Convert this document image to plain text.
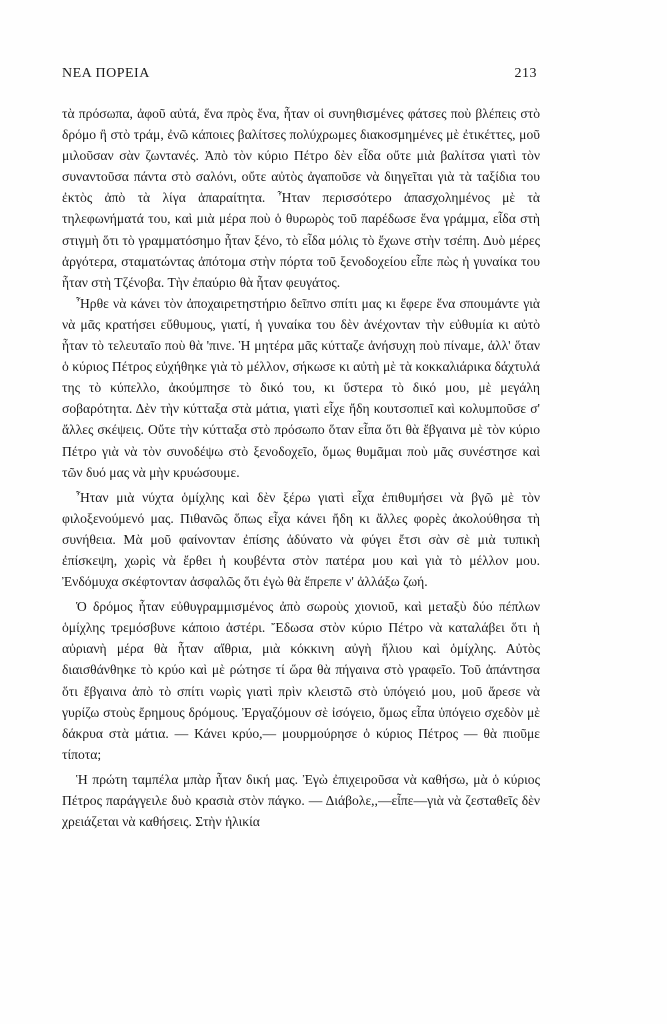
ΝΕΑ ΠΟΡΕΙΑ	213

τὰ πρόσωπα, ἀφοῦ αὐτά, ἕνα πρὸς ἕνα, ἦταν οἱ συνηθισμένες φάτσες ποὺ βλέπεις στὸ δρόμο ἢ στὸ τράμ, ἐνῶ κάποιες βαλίτσες πολύχρωμες διακοσμημένες μὲ ἐτικέττες, μοῦ μιλοῦσαν σὰν ζωντανές. Ἀπὸ τὸν κύριο Πέτρο δὲν εἶδα οὔτε μιὰ βαλίτσα γιατὶ τὸν συναντοῦσα πάντα στὸ σαλόνι, οὔτε αὐτὸς ἀγαποῦσε νὰ διηγεῖται γιὰ τὰ ταξίδια του ἐκτὸς ἀπὸ τὰ λίγα ἀπαραίτητα. Ἦταν περισσότερο ἀπασχολημένος μὲ τὰ τηλεφωνήματά του, καὶ μιὰ μέρα ποὺ ὁ θυρωρὸς τοῦ παρέδωσε ἕνα γράμμα, εἶδα στὴ στιγμὴ ὅτι τὸ γραμματόσημο ἦταν ξένο, τὸ εἶδα μόλις τὸ ἔχωνε στὴν τσέπη. Δυὸ μέρες ἀργότερα, σταματώντας ἀπότομα στὴν πόρτα τοῦ ξενοδοχείου εἶπε πὼς ἡ γυναίκα του ἦταν στὴ Τζένοβα. Τὴν ἐπαύριο θὰ ἦταν φευγάτος.

Ἦρθε νὰ κάνει τὸν ἀποχαιρετηστήριο δεῖπνο σπίτι μας κι ἔφερε ἕνα σπουμάντε γιὰ νὰ μᾶς κρατήσει εὔθυμους, γιατί, ἡ γυναίκα του δὲν ἀνέχονταν τὴν εὐθυμία κι αὐτὸ ἦταν τὸ τελευταῖο ποὺ θὰ 'πινε. Ἡ μητέρα μᾶς κύτταζε ἀνήσυχη ποὺ πίναμε, ἀλλ' ὅταν ὁ κύριος Πέτρος εὐχήθηκε γιὰ τὸ μέλλον, σήκωσε κι αὐτὴ μὲ τὰ κοκκαλιάρικα δάχτυλά της τὸ κύπελλο, ἀκούμπησε τὸ δικό του, κι ὕστερα τὸ δικό μου, μὲ μεγάλη σοβαρότητα. Δὲν τὴν κύτταξα στὰ μάτια, γιατὶ εἶχε ἤδη κουτσοπιεῖ καὶ κολυμποῦσε σ' ἄλλες σκέψεις. Οὔτε τὴν κύτταξα στὸ πρόσωπο ὅταν εἶπα ὅτι θὰ ἔβγαινα μὲ τὸν κύριο Πέτρο γιὰ νὰ τὸν συνοδέψω στὸ ξενοδοχεῖο, ὅμως θυμᾶμαι ποὺ μᾶς συνέστησε καὶ τῶν δυό μας νὰ μὴν κρυώσουμε.

Ἦταν μιὰ νύχτα ὁμίχλης καὶ δὲν ξέρω γιατὶ εἶχα ἐπιθυμήσει νὰ βγῶ μὲ τὸν φιλοξενούμενό μας. Πιθανῶς ὅπως εἶχα κάνει ἤδη κι ἄλλες φορὲς ἀκολούθησα τὴ συνήθεια. Μὰ μοῦ φαίνονταν ἐπίσης ἀδύνατο νὰ φύγει ἔτσι σὰν σὲ μιὰ τυπικὴ ἐπίσκεψη, χωρὶς νὰ ἔρθει ἡ κουβέντα στὸν πατέρα μου καὶ γιὰ τὸ μέλλον μου. Ἐνδόμυχα σκέφτονταν ἀσφαλῶς ὅτι ἐγὼ θὰ ἔπρεπε ν' ἀλλάξω ζωή.

Ὁ δρόμος ἦταν εὐθυγραμμισμένος ἀπὸ σωροὺς χιονιοῦ, καὶ μεταξὺ δύο πέπλων ὁμίχλης τρεμόσβυνε κάποιο ἀστέρι. Ἔδωσα στὸν κύριο Πέτρο νὰ καταλάβει ὅτι ἡ αὐριανὴ μέρα θὰ ἦταν αἴθρια, μιὰ κόκκινη αὐγὴ ἥλιου καὶ ὁμίχλης. Αὐτὸς διαισθάνθηκε τὸ κρύο καὶ μὲ ρώτησε τί ὥρα θὰ πήγαινα στὸ γραφεῖο. Τοῦ ἀπάντησα ὅτι ἔβγαινα ἀπὸ τὸ σπίτι νωρὶς γιατὶ πρὶν κλειστῶ στὸ ὑπόγειό μου, μοῦ ἄρεσε νὰ γυρίζω στοὺς ἔρημους δρόμους. Ἐργαζόμουν σὲ ἰσόγειο, ὅμως εἶπα ὑπόγειο σχεδὸν μὲ δάκρυα στὰ μάτια. — Κάνει κρύο,— μουρμούρησε ὁ κύριος Πέτρος — θὰ πιοῦμε τίποτα;

Ἡ πρώτη ταμπέλα μπὰρ ἦταν δική μας. Ἐγὼ ἐπιχειροῦσα νὰ καθήσω, μὰ ὁ κύριος Πέτρος παράγγειλε δυὸ κρασιὰ στὸν πάγκο. — Διάβολε,,—εἶπε—γιὰ νὰ ζεσταθεῖς δὲν χρειάζεται νὰ καθήσεις. Στὴν ἡλικία
